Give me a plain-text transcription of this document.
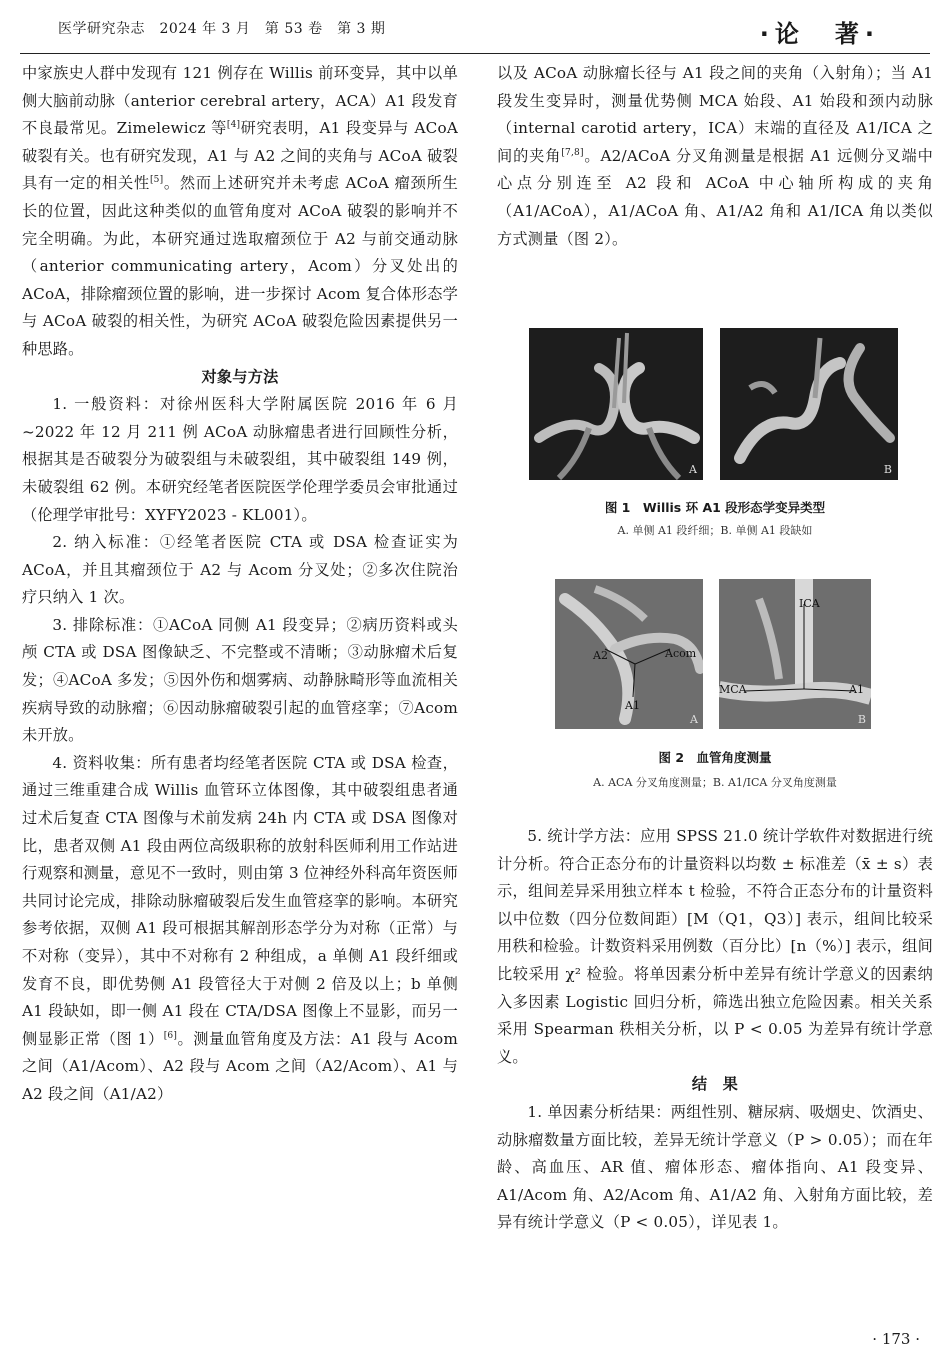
医学研究杂志　2024 年 3 月　第 53 卷　第 3 期	·论　著·

中家族史人群中发现有 121 例存在 Willis 前环变异，其中以单侧大脑前动脉（anterior cerebral artery，ACA）A1 段发育不良最常见。Zimelewicz 等[4]研究表明，A1 段变异与 ACoA 破裂有关。也有研究发现，A1 与 A2 之间的夹角与 ACoA 破裂具有一定的相关性[5]。然而上述研究并未考虑 ACoA 瘤颈所生长的位置，因此这种类似的血管角度对 ACoA 破裂的影响并不完全明确。为此，本研究通过选取瘤颈位于 A2 与前交通动脉（anterior communicating artery，Acom）分叉处出的 ACoA，排除瘤颈位置的影响，进一步探讨 Acom 复合体形态学与 ACoA 破裂的相关性，为研究 ACoA 破裂危险因素提供另一种思路。

对象与方法

1. 一般资料：对徐州医科大学附属医院 2016 年 6 月 ~2022 年 12 月 211 例 ACoA 动脉瘤患者进行回顾性分析，根据其是否破裂分为破裂组与未破裂组，其中破裂组 149 例，未破裂组 62 例。本研究经笔者医院医学伦理学委员会审批通过（伦理学审批号：XYFY2023 - KL001）。

2. 纳入标准：①经笔者医院 CTA 或 DSA 检查证实为 ACoA，并且其瘤颈位于 A2 与 Acom 分叉处；②多次住院治疗只纳入 1 次。

3. 排除标准：①ACoA 同侧 A1 段变异；②病历资料或头颅 CTA 或 DSA 图像缺乏、不完整或不清晰；③动脉瘤术后复发；④ACoA 多发；⑤因外伤和烟雾病、动静脉畸形等血流相关疾病导致的动脉瘤；⑥因动脉瘤破裂引起的血管痉挛；⑦Acom 未开放。

4. 资料收集：所有患者均经笔者医院 CTA 或 DSA 检查，通过三维重建合成 Willis 血管环立体图像，其中破裂组患者通过术后复查 CTA 图像与术前发病 24h 内 CTA 或 DSA 图像对比，患者双侧 A1 段由两位高级职称的放射科医师利用工作站进行观察和测量，意见不一致时，则由第 3 位神经外科高年资医师共同讨论完成，排除动脉瘤破裂后发生血管痉挛的影响。本研究参考依据，双侧 A1 段可根据其解剖形态学分为对称（正常）与不对称（变异），其中不对称有 2 种组成，a 单侧 A1 段纤细或发育不良，即优势侧 A1 段管径大于对侧 2 倍及以上；b 单侧 A1 段缺如，即一侧 A1 段在 CTA/DSA 图像上不显影，而另一侧显影正常（图 1）[6]。测量血管角度及方法：A1 段与 Acom 之间（A1/Acom）、A2 段与 Acom 之间（A2/Acom）、A1 与 A2 段之间（A1/A2）

以及 ACoA 动脉瘤长径与 A1 段之间的夹角（入射角）；当 A1 段发生变异时，测量优势侧 MCA 始段、A1 始段和颈内动脉（internal carotid artery，ICA）末端的直径及 A1/ICA 之间的夹角[7,8]。A2/ACoA 分叉角测量是根据 A1 远侧分叉端中心点分别连至 A2 段和 ACoA 中心轴所构成的夹角（A1/ACoA），A1/ACoA 角、A1/A2 角和 A1/ICA 角以类似方式测量（图 2）。

A	B
图 1　Willis 环 A1 段形态学变异类型
A. 单侧 A1 段纤细；B. 单侧 A1 段缺如
A2	Acom
A1
A
ICA
MCA	A1
B
图 2　血管角度测量
A. ACA 分叉角度测量；B. A1/ICA 分叉角度测量

5. 统计学方法：应用 SPSS 21.0 统计学软件对数据进行统计分析。符合正态分布的计量资料以均数 ± 标准差（x̄ ± s）表示，组间差异采用独立样本 t 检验，不符合正态分布的计量资料以中位数（四分位数间距）[M（Q1，Q3）] 表示，组间比较采用秩和检验。计数资料采用例数（百分比）[n（%）] 表示，组间比较采用 χ² 检验。将单因素分析中差异有统计学意义的因素纳入多因素 Logistic 回归分析，筛选出独立危险因素。相关关系采用 Spearman 秩相关分析，以 P < 0.05 为差异有统计学意义。

结　果

1. 单因素分析结果：两组性别、糖尿病、吸烟史、饮酒史、动脉瘤数量方面比较，差异无统计学意义（P > 0.05）；而在年龄、高血压、AR 值、瘤体形态、瘤体指向、A1 段变异、A1/Acom 角、A2/Acom 角、A1/A2 角、入射角方面比较，差异有统计学意义（P < 0.05），详见表 1。

· 173 ·
